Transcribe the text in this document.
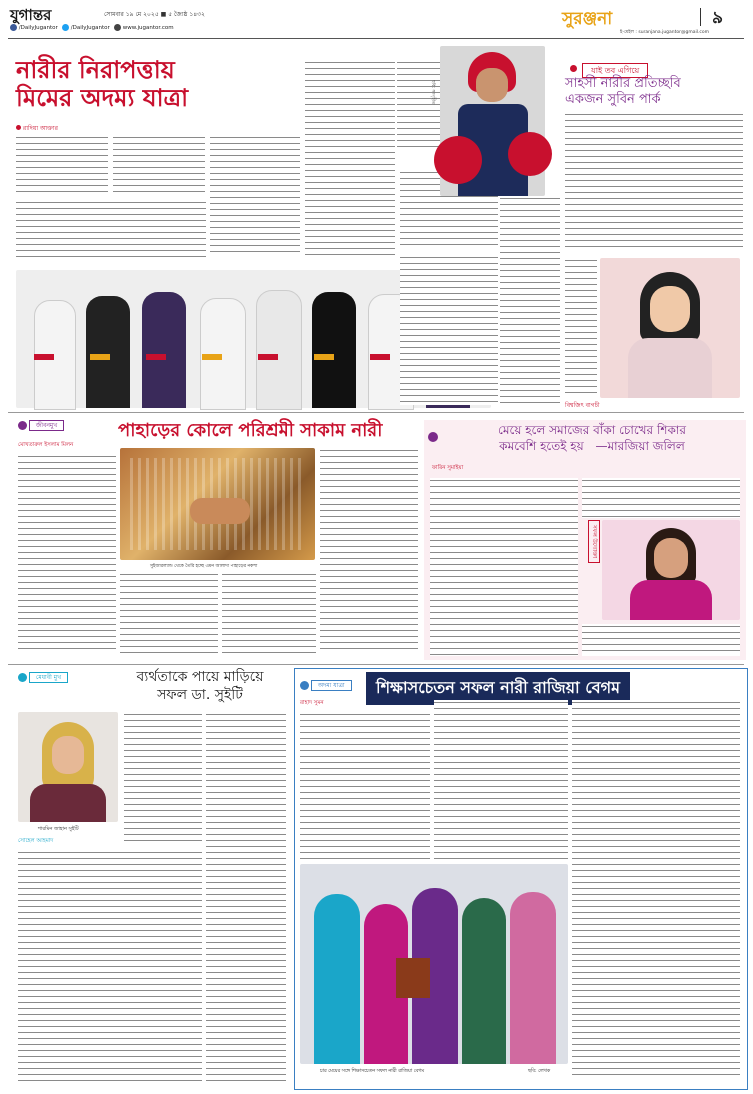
যুগান্তর	সোমবার ১৯ মে ২০২৫ ■ ৫ জ্যৈষ্ঠ ১৪৩২
/DailyJugantor	/DailyJugantor	www.jugantor.com	সুরঞ্জনা	৯
ই-মেইল : suranjana.jugantor@gmail.com
নারীর নিরাপত্তায়
মিমের অদম্য যাত্রা
রাদিয়া আক্তার
ছবি: সংগৃহীত
যাই তব এগিয়ে
সাহসী নারীর প্রতিচ্ছবি
একজন সুবিন পার্ক
বিশ্বজিৎ বাগচী
জীবনমুখ	পাহাড়ের কোলে পরিশ্রমী সাকাম নারী
মোখতারুল ইসলাম মিলন
সুইজারল্যান্ড থেকে তৈরি হচ্ছে এমন আলাদা পাহাড়ের নকশা
মেয়ে হলে সমাজের বাঁকা চোখের শিকার
কমবেশি হতেই হয় —মারজিয়া জলিল
ফারিন সুমাইয়া
সফল উদ্যোক্তা
মেধাবী মুখ	ব্যর্থতাকে পায়ে মাড়িয়ে
সফল ডা. সুইটি
শারমিন জাহান সুইটি
সোহেল আহমাদ
অদম্য যাত্রা	শিক্ষাসচেতন সফল নারী রাজিয়া বেগম
রাহাদ সুমন
চার মেয়ের সঙ্গে শিক্ষাসচেতন সফল নারী রাজিয়া বেগম	ছবি: লেখক
